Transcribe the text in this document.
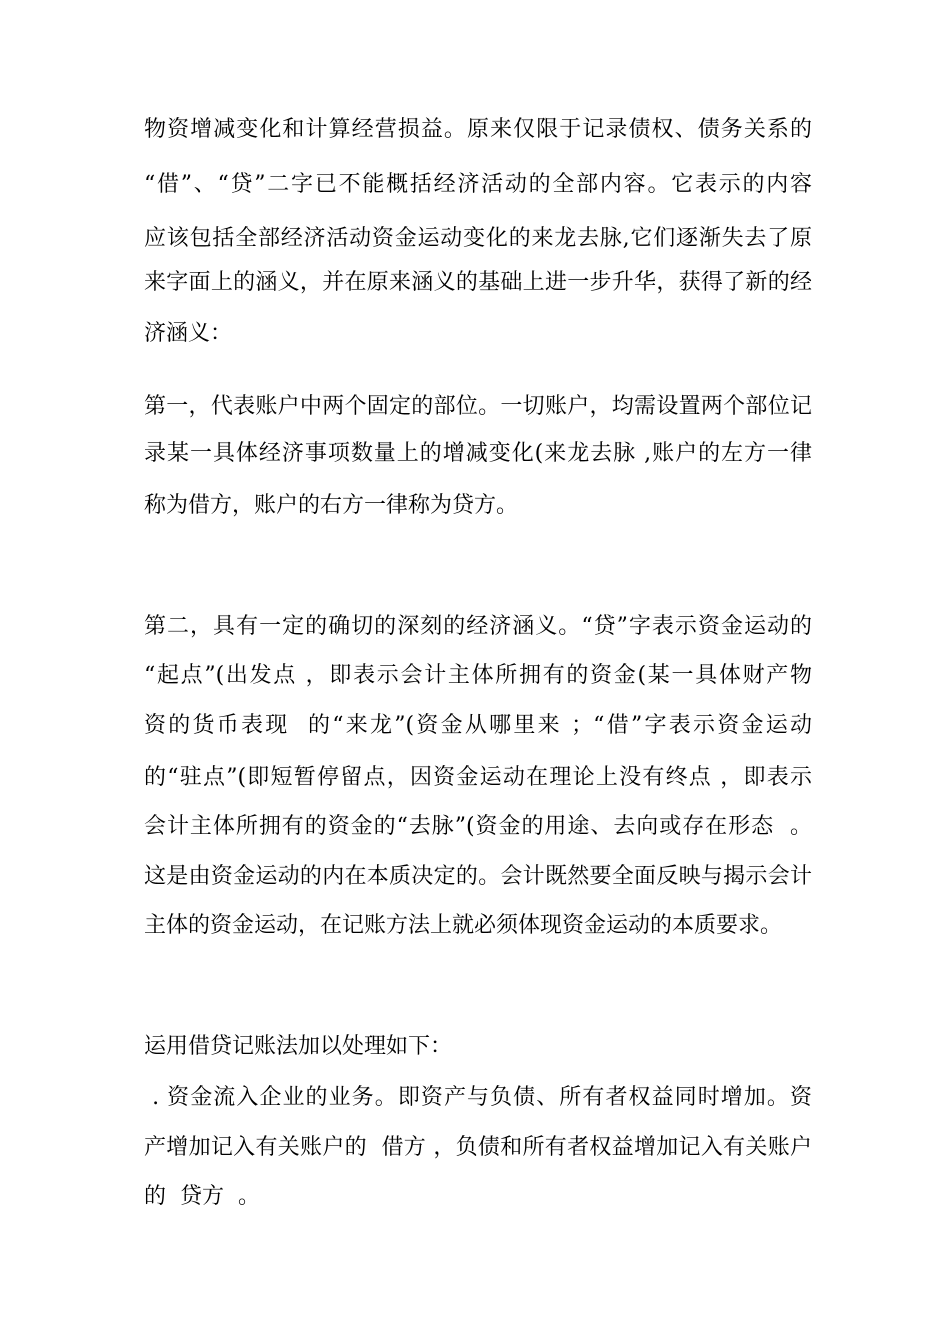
物资增减变化和计算经营损益。原来仅限于记录债权、债务关系的
“借”、“贷”二字已不能概括经济活动的全部内容。它表示的内容
应该包括全部经济活动资金运动变化的来龙去脉,它们逐渐失去了原
来字面上的涵义，并在原来涵义的基础上进一步升华，获得了新的经
济涵义：
第一，代表账户中两个固定的部位。一切账户，均需设置两个部位记
录某一具体经济事项数量上的增减变化(来龙去脉 ,账户的左方一律
称为借方，账户的右方一律称为贷方。
第二，具有一定的确切的深刻的经济涵义。“贷”字表示资金运动的
“起点”(出发点 ，即表示会计主体所拥有的资金(某一具体财产物
资的货币表现  的“来龙”(资金从哪里来 ；“借”字表示资金运动
的“驻点”(即短暂停留点，因资金运动在理论上没有终点 ，即表示
会计主体所拥有的资金的“去脉”(资金的用途、去向或存在形态  。
这是由资金运动的内在本质决定的。会计既然要全面反映与揭示会计
主体的资金运动，在记账方法上就必须体现资金运动的本质要求。
运用借贷记账法加以处理如下：
. 资金流入企业的业务。即资产与负债、所有者权益同时增加。资
产增加记入有关账户的  借方 ，负债和所有者权益增加记入有关账户
的  贷方  。
